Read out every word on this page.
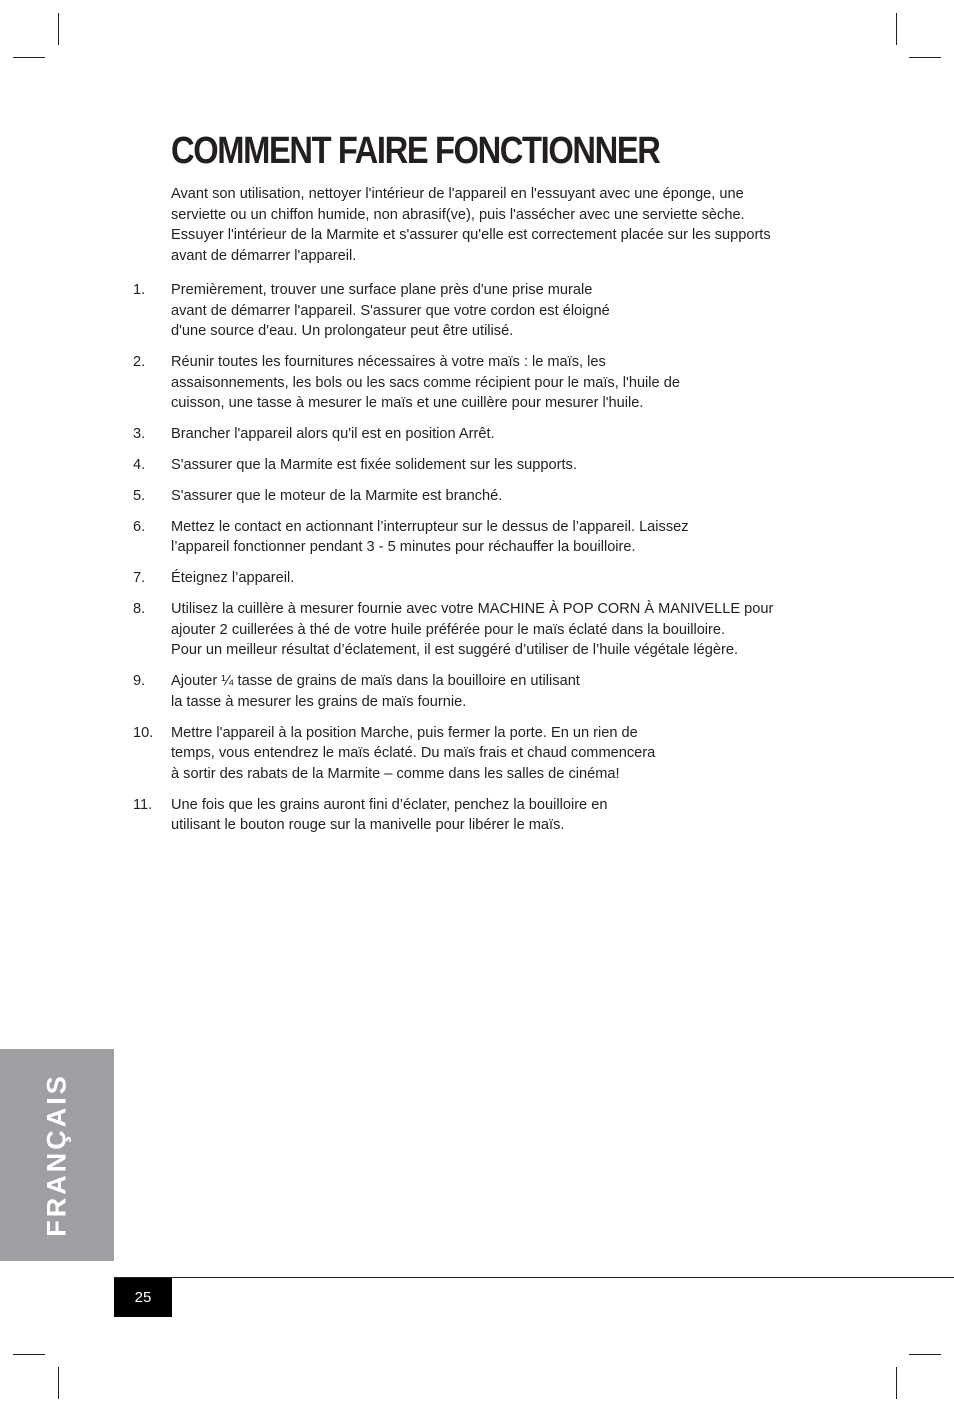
COMMENT FAIRE FONCTIONNER

Avant son utilisation, nettoyer l'intérieur de l'appareil en l'essuyant avec une éponge, une serviette ou un chiffon humide, non abrasif(ve), puis l'assécher avec une serviette sèche. Essuyer l'intérieur de la Marmite et s'assurer qu'elle est correctement placée sur les supports avant de démarrer l'appareil.

1. Premièrement, trouver une surface plane près d'une prise murale
avant de démarrer l'appareil. S'assurer que votre cordon est éloigné
d'une source d'eau. Un prolongateur peut être utilisé.
2. Réunir toutes les fournitures nécessaires à votre maïs : le maïs, les
assaisonnements, les bols ou les sacs comme récipient pour le maïs, l'huile de
cuisson, une tasse à mesurer le maïs et une cuillère pour mesurer l'huile.
3. Brancher l'appareil alors qu'il est en position Arrêt.
4. S'assurer que la Marmite est fixée solidement sur les supports.
5. S'assurer que le moteur de la Marmite est branché.
6. Mettez le contact en actionnant l’interrupteur sur le dessus de l’appareil. Laissez
l’appareil fonctionner pendant 3 - 5 minutes pour réchauffer la bouilloire.
7. Éteignez l’appareil.
8. Utilisez la cuillère à mesurer fournie avec votre MACHINE À POP CORN À MANIVELLE pour
ajouter 2 cuillerées à thé de votre huile préférée pour le maïs éclaté dans la bouilloire.
Pour un meilleur résultat d’éclatement, il est suggéré d’utiliser de l’huile végétale légère.
9. Ajouter ¼ tasse de grains de maïs dans la bouilloire en utilisant
la tasse à mesurer les grains de maïs fournie.
10. Mettre l'appareil à la position Marche, puis fermer la porte. En un rien de
temps, vous entendrez le maïs éclaté. Du maïs frais et chaud commencera
à sortir des rabats de la Marmite – comme dans les salles de cinéma!
11. Une fois que les grains auront fini d’éclater, penchez la bouilloire en
utilisant le bouton rouge sur la manivelle pour libérer le maïs.
FRANÇAIS
25
